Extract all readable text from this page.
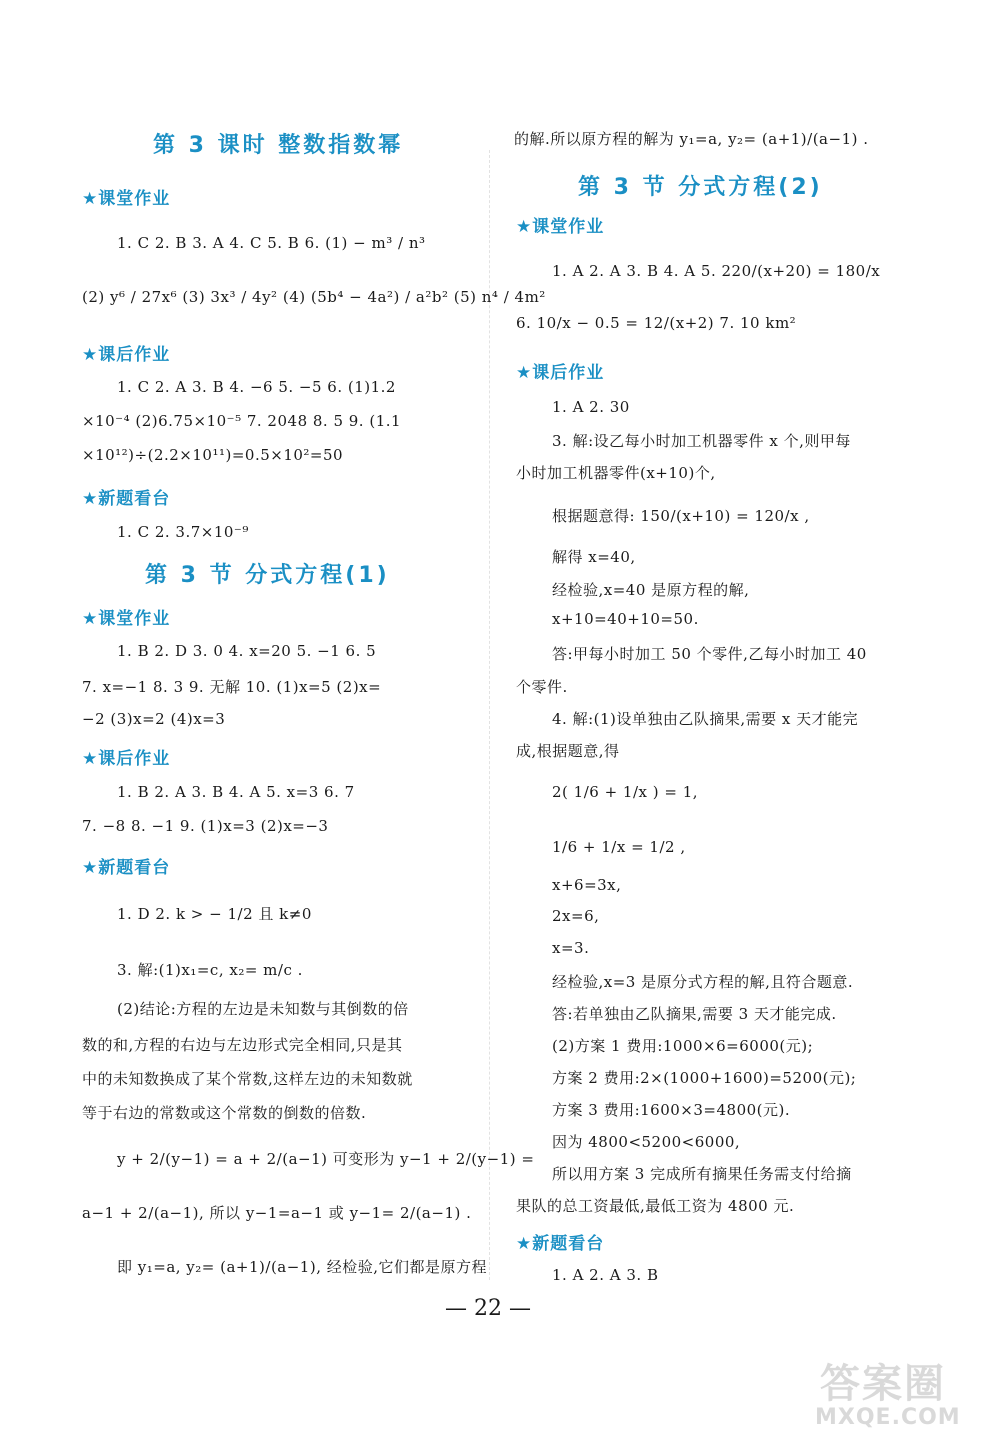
第 3 课时 整数指数幂
★课堂作业
1. C 2. B 3. A 4. C 5. B 6. (1) − m³ / n³
(2) y⁶ / 27x⁶ (3) 3x³ / 4y² (4) (5b⁴ − 4a²) / a²b² (5) n⁴ / 4m²
★课后作业
1. C 2. A 3. B 4. −6 5. −5 6. (1)1.2
×10⁻⁴ (2)6.75×10⁻⁵ 7. 2048 8. 5 9. (1.1
×10¹²)÷(2.2×10¹¹)=0.5×10²=50
★新题看台
1. C 2. 3.7×10⁻⁹
第 3 节 分式方程(1)
★课堂作业
1. B 2. D 3. 0 4. x=20 5. −1 6. 5
7. x=−1 8. 3 9. 无解 10. (1)x=5 (2)x=
−2 (3)x=2 (4)x=3
★课后作业
1. B 2. A 3. B 4. A 5. x=3 6. 7
7. −8 8. −1 9. (1)x=3 (2)x=−3
★新题看台
1. D 2. k > − 1/2 且 k≠0
3. 解:(1)x₁=c, x₂= m/c .
(2)结论:方程的左边是未知数与其倒数的倍
数的和,方程的右边与左边形式完全相同,只是其
中的未知数换成了某个常数,这样左边的未知数就
等于右边的常数或这个常数的倒数的倍数.
y + 2/(y−1) = a + 2/(a−1) 可变形为 y−1 + 2/(y−1) =
a−1 + 2/(a−1), 所以 y−1=a−1 或 y−1= 2/(a−1) .
即 y₁=a, y₂= (a+1)/(a−1), 经检验,它们都是原方程
的解.所以原方程的解为 y₁=a, y₂= (a+1)/(a−1) .
第 3 节 分式方程(2)
★课堂作业
1. A 2. A 3. B 4. A 5. 220/(x+20) = 180/x
6. 10/x − 0.5 = 12/(x+2) 7. 10 km²
★课后作业
1. A 2. 30
3. 解:设乙每小时加工机器零件 x 个,则甲每
小时加工机器零件(x+10)个,
根据题意得: 150/(x+10) = 120/x ,
解得 x=40,
经检验,x=40 是原方程的解,
x+10=40+10=50.
答:甲每小时加工 50 个零件,乙每小时加工 40
个零件.
4. 解:(1)设单独由乙队摘果,需要 x 天才能完
成,根据题意,得
2( 1/6 + 1/x ) = 1,
1/6 + 1/x = 1/2 ,
x+6=3x,
2x=6,
x=3.
经检验,x=3 是原分式方程的解,且符合题意.
答:若单独由乙队摘果,需要 3 天才能完成.
(2)方案 1 费用:1000×6=6000(元);
方案 2 费用:2×(1000+1600)=5200(元);
方案 3 费用:1600×3=4800(元).
因为 4800<5200<6000,
所以用方案 3 完成所有摘果任务需支付给摘
果队的总工资最低,最低工资为 4800 元.
★新题看台
1. A 2. A 3. B
— 22 —
答案圈
MXQE.COM
